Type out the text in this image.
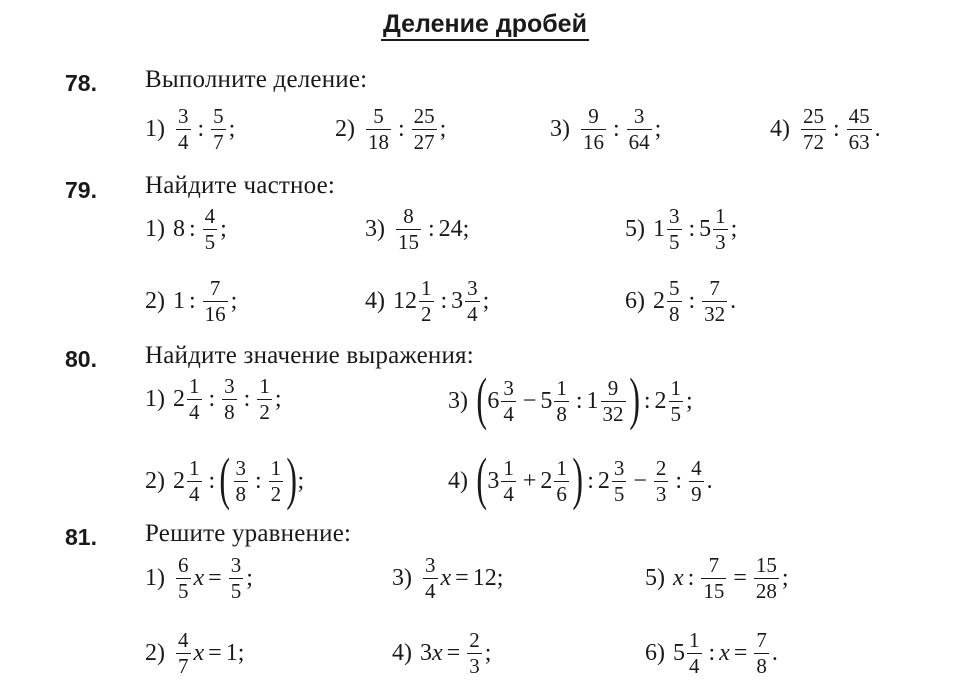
Деление дробей
78. Выполните деление:
$1) \frac{3}{4}$ : $\frac{5}{7}$ ;	$2) \frac{5}{18}$ : $\frac{25}{27}$ ;	$3) \frac{9}{16}$ : $\frac{3}{64}$ ;	$4) \frac{25}{72}$ : $\frac{45}{63}$ .
79. Найдите частное:
1) 8 : $\frac{4}{5}$ ;	$3) \frac{8}{15}$ : 24 ;	5) $1 \frac{3}{5}$ : $5 \frac{1}{3}$ ;
2) 1 : $\frac{7}{16}$ ;	4) $12 \frac{1}{2}$ : $3 \frac{3}{4}$ ;	6) $2 \frac{5}{8}$ : $\frac{7}{32}$ .
80. Найдите значение выражения:
1) $2 \frac{1}{4}$ : $\frac{3}{8}$ : $\frac{1}{2}$ ;	3) ( $6 \frac{3}{4} - 5 \frac{1}{8}$ : $1 \frac{9}{32}$ ) : $2 \frac{1}{5}$ ;
2) $2 \frac{1}{4}$ : ( $\frac{3}{8}$ : $\frac{1}{2}$ ) ;	4) ( $3 \frac{1}{4} + 2 \frac{1}{6}$ ) : $2 \frac{3}{5} - \frac{2}{3}$ : $\frac{4}{9}$ .
81. Решите уравнение:
$1) \frac{6}{5}$ $x = \frac{3}{5}$ ;	$3) \frac{3}{4}$ x = 12 ;	5) x : $\frac{7}{15} = \frac{15}{28}$ ;
$2) \frac{4}{7}$ x = 1 ;	4) 3 $x = \frac{2}{3}$ ;	6) $5 \frac{1}{4}$ : $x = \frac{7}{8}$ .
